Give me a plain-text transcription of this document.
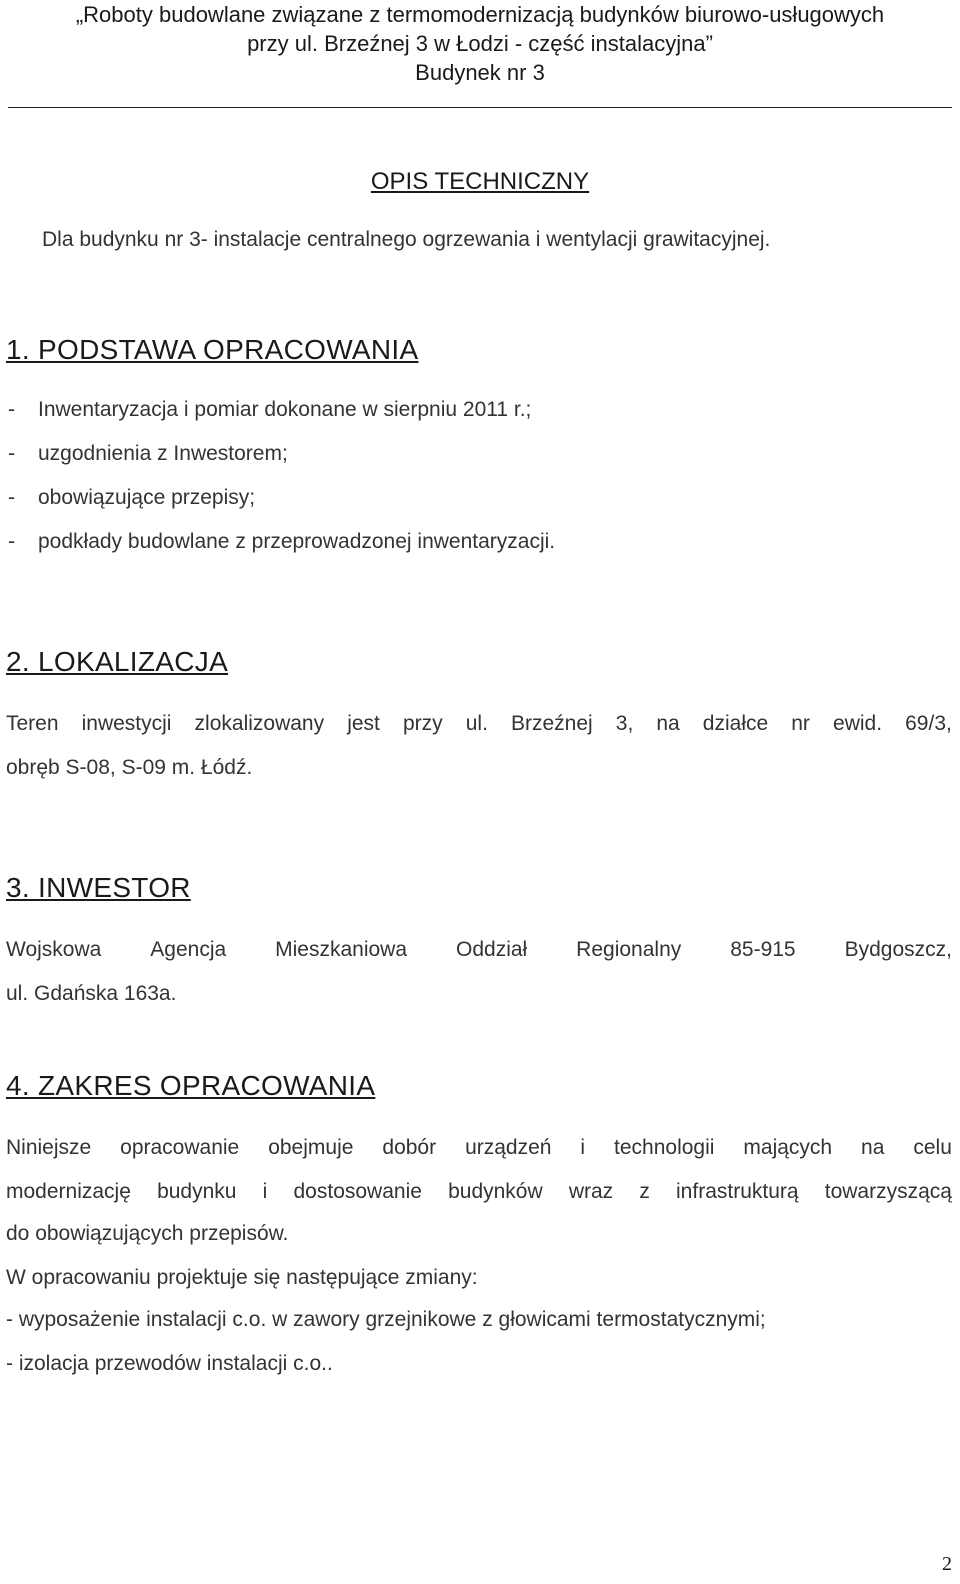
„Roboty budowlane związane z termomodernizacją budynków biurowo-usługowych
przy ul. Brzeźnej 3 w Łodzi - część instalacyjna”
Budynek nr 3
OPIS TECHNICZNY
Dla budynku nr 3- instalacje centralnego ogrzewania i wentylacji grawitacyjnej.
1. PODSTAWA OPRACOWANIA
- Inwentaryzacja i pomiar dokonane w sierpniu 2011 r.;
- uzgodnienia z Inwestorem;
- obowiązujące przepisy;
- podkłady budowlane z przeprowadzonej inwentaryzacji.
2. LOKALIZACJA
Teren inwestycji zlokalizowany jest przy ul. Brzeźnej 3, na działce nr ewid. 69/3,
obręb S-08, S-09 m. Łódź.
3. INWESTOR
Wojskowa Agencja Mieszkaniowa Oddział Regionalny 85-915 Bydgoszcz,
ul. Gdańska 163a.
4. ZAKRES OPRACOWANIA
Niniejsze opracowanie obejmuje dobór urządzeń i technologii mających na celu
modernizację budynku i dostosowanie budynków wraz z infrastrukturą towarzyszącą
do obowiązujących przepisów.
W opracowaniu projektuje się następujące zmiany:
- wyposażenie instalacji c.o. w zawory grzejnikowe z głowicami termostatycznymi;
- izolacja przewodów instalacji c.o..
2
